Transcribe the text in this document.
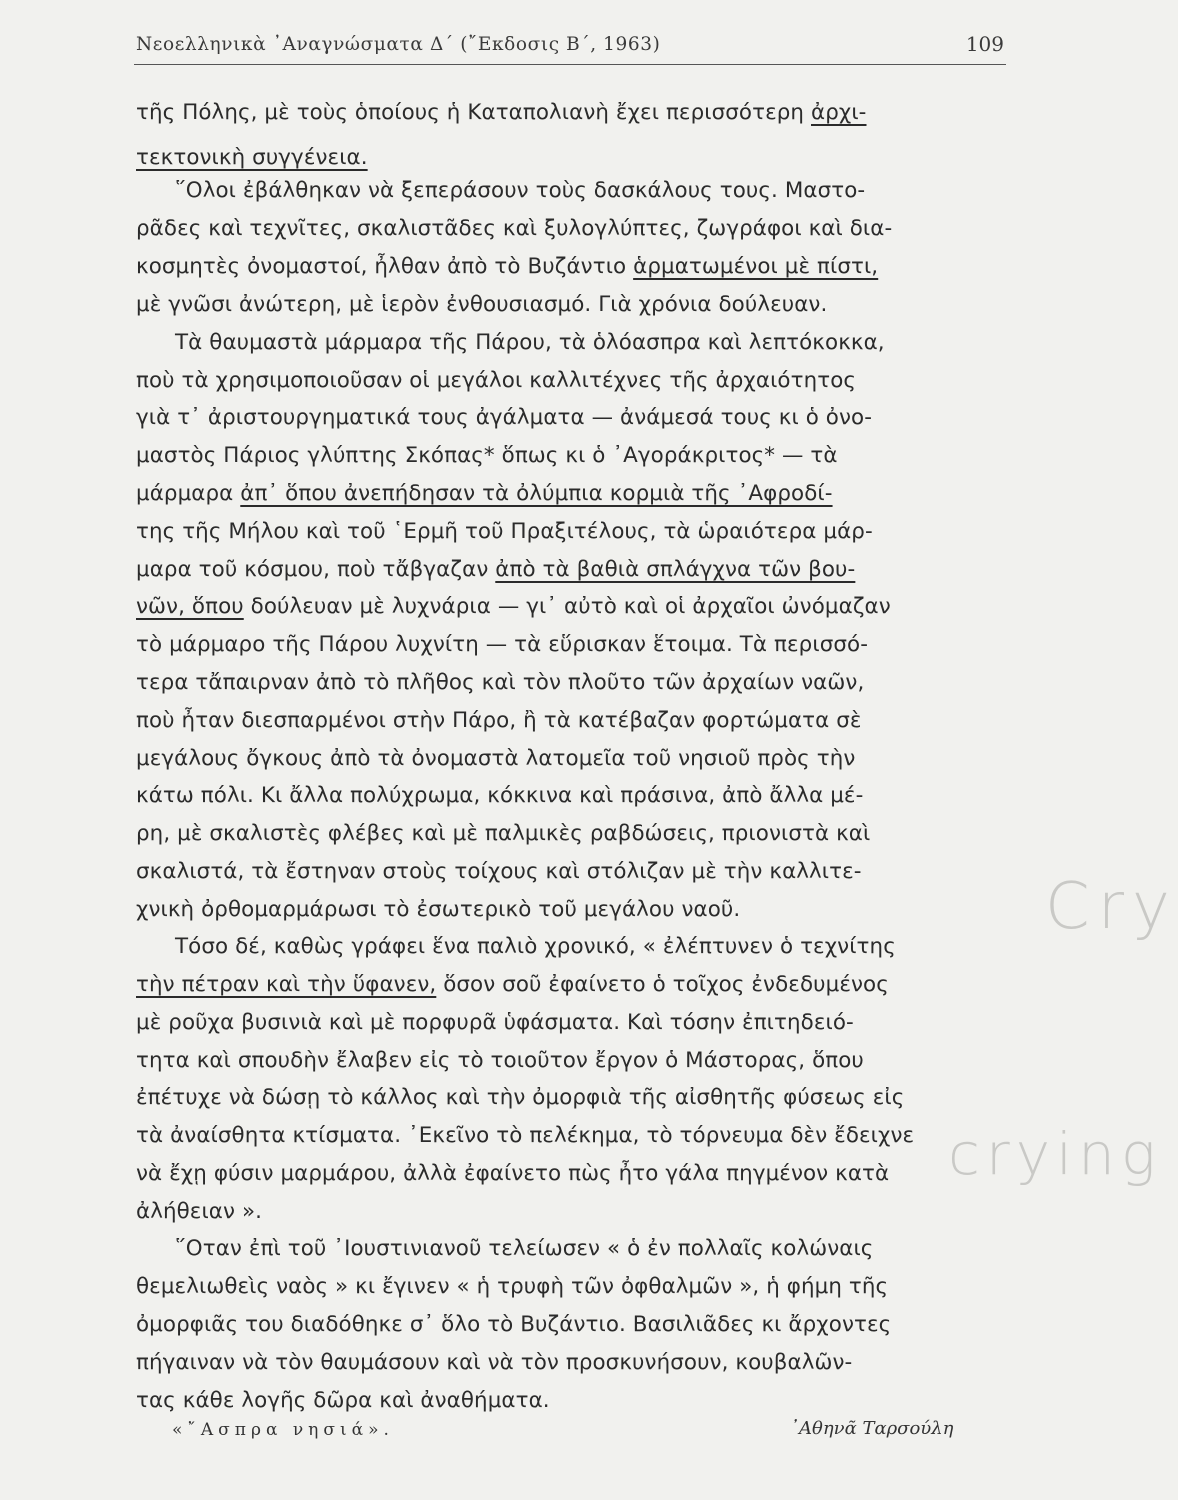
Νεοελληνικὰ ᾿Αναγνώσματα Δ΄ (῎Εκδοσις Β΄, 1963)	109
τῆς Πόλης, μὲ τοὺς ὁποίους ἡ Καταπολιανὴ ἔχει περισσότερη ἀρχι-
τεκτονικὴ συγγένεια.
῞Ολοι ἐβάλθηκαν νὰ ξεπεράσουν τοὺς δασκάλους τους. Μαστο-
ρᾶδες καὶ τεχνῖτες, σκαλιστᾶδες καὶ ξυλογλύπτες, ζωγράφοι καὶ δια-
κοσμητὲς ὀνομαστοί, ἦλθαν ἀπὸ τὸ Βυζάντιο ἁρματωμένοι μὲ πίστι,
μὲ γνῶσι ἀνώτερη, μὲ ἱερὸν ἐνθουσιασμό. Γιὰ χρόνια δούλευαν.
Τὰ θαυμαστὰ μάρμαρα τῆς Πάρου, τὰ ὁλόασπρα καὶ λεπτόκοκκα,
ποὺ τὰ χρησιμοποιοῦσαν οἱ μεγάλοι καλλιτέχνες τῆς ἀρχαιότητος
γιὰ τ᾿ ἀριστουργηματικά τους ἀγάλματα — ἀνάμεσά τους κι ὁ ὀνο-
μαστὸς Πάριος γλύπτης Σκόπας* ὅπως κι ὁ ᾿Αγοράκριτος* — τὰ
μάρμαρα ἀπ᾿ ὅπου ἀνεπήδησαν τὰ ὀλύμπια κορμιὰ τῆς ᾿Αφροδί-
της τῆς Μήλου καὶ τοῦ ῾Ερμῆ τοῦ Πραξιτέλους, τὰ ὡραιότερα μάρ-
μαρα τοῦ κόσμου, ποὺ τἄβγαζαν ἀπὸ τὰ βαθιὰ σπλάγχνα τῶν βου-
νῶν, ὅπου δούλευαν μὲ λυχνάρια — γι᾿ αὐτὸ καὶ οἱ ἀρχαῖοι ὠνόμαζαν
τὸ μάρμαρο τῆς Πάρου λυχνίτη — τὰ εὕρισκαν ἕτοιμα. Τὰ περισσό-
τερα τἄπαιρναν ἀπὸ τὸ πλῆθος καὶ τὸν πλοῦτο τῶν ἀρχαίων ναῶν,
ποὺ ἦταν διεσπαρμένοι στὴν Πάρο, ἢ τὰ κατέβαζαν φορτώματα σὲ
μεγάλους ὄγκους ἀπὸ τὰ ὀνομαστὰ λατομεῖα τοῦ νησιοῦ πρὸς τὴν
κάτω πόλι. Κι ἄλλα πολύχρωμα, κόκκινα καὶ πράσινα, ἀπὸ ἄλλα μέ-
ρη, μὲ σκαλιστὲς φλέβες καὶ μὲ παλμικὲς ραβδώσεις, πριονιστὰ καὶ
σκαλιστά, τὰ ἔστηναν στοὺς τοίχους καὶ στόλιζαν μὲ τὴν καλλιτε-
χνικὴ ὀρθομαρμάρωσι τὸ ἐσωτερικὸ τοῦ μεγάλου ναοῦ.
Τόσο δέ, καθὼς γράφει ἕνα παλιὸ χρονικό, « ἐλέπτυνεν ὁ τεχνίτης
τὴν πέτραν καὶ τὴν ὕφανεν, ὅσον σοῦ ἐφαίνετο ὁ τοῖχος ἐνδεδυμένος
μὲ ροῦχα βυσινιὰ καὶ μὲ πορφυρᾶ ὑφάσματα. Καὶ τόσην ἐπιτηδειό-
τητα καὶ σπουδὴν ἔλαβεν εἰς τὸ τοιοῦτον ἔργον ὁ Μάστορας, ὅπου
ἐπέτυχε νὰ δώσῃ τὸ κάλλος καὶ τὴν ὀμορφιὰ τῆς αἰσθητῆς φύσεως εἰς
τὰ ἀναίσθητα κτίσματα. ᾿Εκεῖνο τὸ πελέκημα, τὸ τόρνευμα δὲν ἔδειχνε
νὰ ἔχῃ φύσιν μαρμάρου, ἀλλὰ ἐφαίνετο πὼς ἦτο γάλα πηγμένον κατὰ
ἀλήθειαν ».
῞Οταν ἐπὶ τοῦ ᾿Ιουστινιανοῦ τελείωσεν « ὁ ἐν πολλαῖς κολώναις
θεμελιωθεὶς ναὸς » κι ἔγινεν « ἡ τρυφὴ τῶν ὀφθαλμῶν », ἡ φήμη τῆς
ὀμορφιᾶς του διαδόθηκε σ᾿ ὅλο τὸ Βυζάντιο. Βασιλιᾶδες κι ἄρχοντες
πήγαιναν νὰ τὸν θαυμάσουν καὶ νὰ τὸν προσκυνήσουν, κουβαλῶν-
τας κάθε λογῆς δῶρα καὶ ἀναθήματα.
«῎Ασπρα νησιά».	᾿Αθηνᾶ Ταρσούλη
Cry
crying
